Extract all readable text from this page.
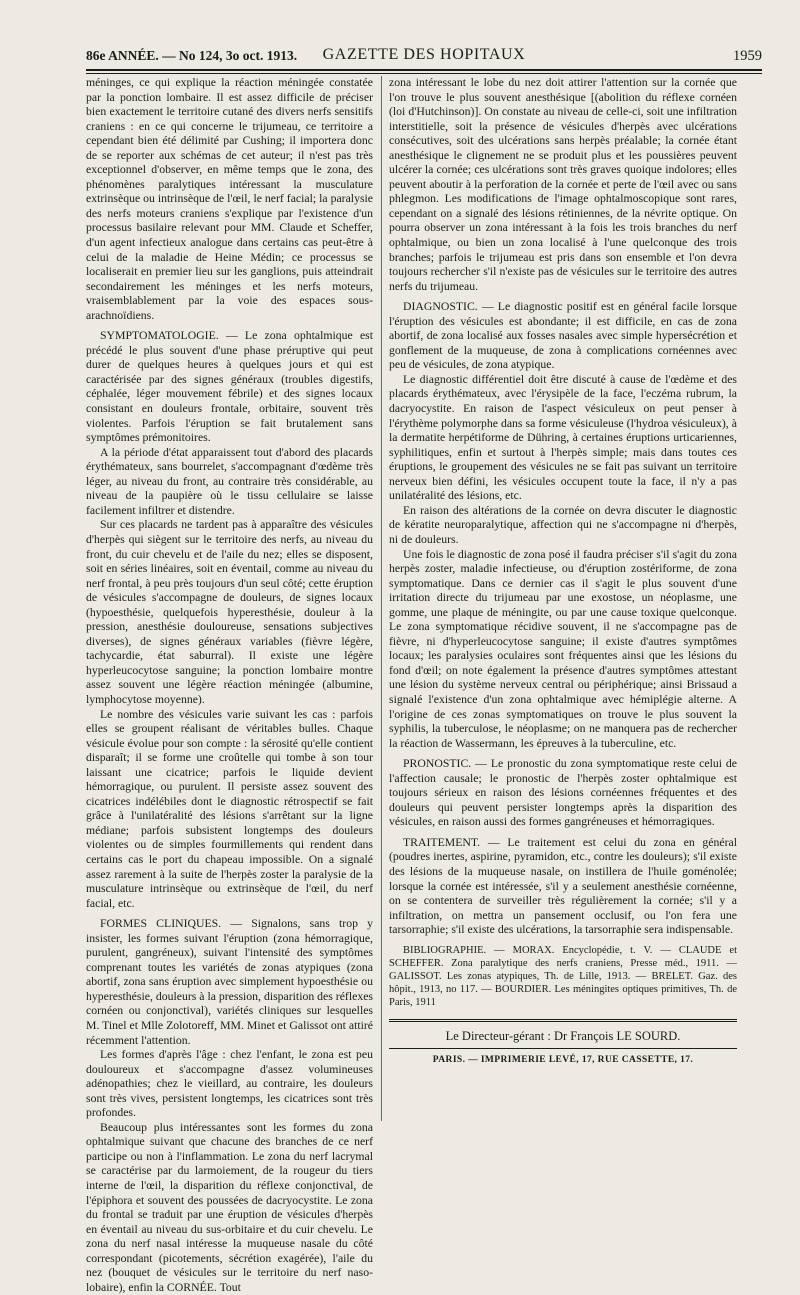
86e ANNÉE. — No 124, 3o oct. 1913.	GAZETTE DES HOPITAUX	1959

méninges, ce qui explique la réaction méningée constatée par la ponction lombaire. Il est assez difficile de préciser bien exactement le territoire cutané des divers nerfs sensitifs craniens : en ce qui concerne le trijumeau, ce territoire a cependant bien été délimité par Cushing; il importera donc de se reporter aux schémas de cet auteur; il n'est pas très exceptionnel d'observer, en même temps que le zona, des phénomènes paralytiques intéressant la musculature extrinsèque ou intrinsèque de l'œil, le nerf facial; la paralysie des nerfs moteurs craniens s'explique par l'existence d'un processus basilaire relevant pour MM. Claude et Scheffer, d'un agent infectieux analogue dans certains cas peut-être à celui de la maladie de Heine Médin; ce processus se localiserait en premier lieu sur les ganglions, puis atteindrait secondairement les méninges et les nerfs moteurs, vraisemblablement par la voie des espaces sous-arachnoïdiens.

SYMPTOMATOLOGIE. — Le zona ophtalmique est précédé le plus souvent d'une phase préruptive qui peut durer de quelques heures à quelques jours et qui est caractérisée par des signes généraux (troubles digestifs, céphalée, léger mouvement fébrile) et des signes locaux consistant en douleurs frontale, orbitaire, souvent très violentes. Parfois l'éruption se fait brutalement sans symptômes prémonitoires.

A la période d'état apparaissent tout d'abord des placards érythémateux, sans bourrelet, s'accompagnant d'œdème très léger, au niveau du front, au contraire très considérable, au niveau de la paupière où le tissu cellulaire se laisse facilement infiltrer et distendre.

Sur ces placards ne tardent pas à apparaître des vésicules d'herpès qui siègent sur le territoire des nerfs, au niveau du front, du cuir chevelu et de l'aile du nez; elles se disposent, soit en séries linéaires, soit en éventail, comme au niveau du nerf frontal, à peu près toujours d'un seul côté; cette éruption de vésicules s'accompagne de douleurs, de signes locaux (hypoesthésie, quelquefois hyperesthésie, douleur à la pression, anesthésie douloureuse, sensations subjectives diverses), de signes généraux variables (fièvre légère, tachycardie, état saburral). Il existe une légère hyperleucocytose sanguine; la ponction lombaire montre assez souvent une légère réaction méningée (albumine, lymphocytose moyenne).

Le nombre des vésicules varie suivant les cas : parfois elles se groupent réalisant de véritables bulles. Chaque vésicule évolue pour son compte : la sérosité qu'elle contient disparaît; il se forme une croûtelle qui tombe à son tour laissant une cicatrice; parfois le liquide devient hémorragique, ou purulent. Il persiste assez souvent des cicatrices indélébiles dont le diagnostic rétrospectif se fait grâce à l'unilatéralité des lésions s'arrêtant sur la ligne médiane; parfois subsistent longtemps des douleurs violentes ou de simples fourmillements qui rendent dans certains cas le port du chapeau impossible. On a signalé assez rarement à la suite de l'herpès zoster la paralysie de la musculature intrinsèque ou extrinsèque de l'œil, du nerf facial, etc.

FORMES CLINIQUES. — Signalons, sans trop y insister, les formes suivant l'éruption (zona hémorragique, purulent, gangréneux), suivant l'intensité des symptômes comprenant toutes les variétés de zonas atypiques (zona abortif, zona sans éruption avec simplement hypoesthésie ou hyperesthésie, douleurs à la pression, disparition des réflexes cornéen ou conjonctival), variétés cliniques sur lesquelles M. Tinel et Mlle Zolotoreff, MM. Minet et Galissot ont attiré récemment l'attention.

Les formes d'après l'âge : chez l'enfant, le zona est peu douloureux et s'accompagne d'assez volumineuses adénopathies; chez le vieillard, au contraire, les douleurs sont très vives, persistent longtemps, les cicatrices sont très profondes.

Beaucoup plus intéressantes sont les formes du zona ophtalmique suivant que chacune des branches de ce nerf participe ou non à l'inflammation. Le zona du nerf lacrymal se caractérise par du larmoiement, de la rougeur du tiers interne de l'œil, la disparition du réflexe conjonctival, de l'épiphora et souvent des poussées de dacryocystite. Le zona du frontal se traduit par une éruption de vésicules d'herpès en éventail au niveau du sus-orbitaire et du cuir chevelu. Le zona du nerf nasal intéresse la muqueuse nasale du côté correspondant (picotements, sécrétion exagérée), l'aile du nez (bouquet de vésicules sur le territoire du nerf naso-lobaire), enfin la CORNÉE. Tout

zona intéressant le lobe du nez doit attirer l'attention sur la cornée que l'on trouve le plus souvent anesthésique [(abolition du réflexe cornéen (loi d'Hutchinson)]. On constate au niveau de celle-ci, soit une infiltration interstitielle, soit la présence de vésicules d'herpès avec ulcérations consécutives, soit des ulcérations sans herpès préalable; la cornée étant anesthésique le clignement ne se produit plus et les poussières peuvent ulcérer la cornée; ces ulcérations sont très graves quoique indolores; elles peuvent aboutir à la perforation de la cornée et perte de l'œil avec ou sans phlegmon. Les modifications de l'image ophtalmoscopique sont rares, cependant on a signalé des lésions rétiniennes, de la névrite optique. On pourra observer un zona intéressant à la fois les trois branches du nerf ophtalmique, ou bien un zona localisé à l'une quelconque des trois branches; parfois le trijumeau est pris dans son ensemble et l'on devra toujours rechercher s'il n'existe pas de vésicules sur le territoire des autres nerfs du trijumeau.

DIAGNOSTIC. — Le diagnostic positif est en général facile lorsque l'éruption des vésicules est abondante; il est difficile, en cas de zona abortif, de zona localisé aux fosses nasales avec simple hypersécrétion et gonflement de la muqueuse, de zona à complications cornéennes avec peu de vésicules, de zona atypique.

Le diagnostic différentiel doit être discuté à cause de l'œdème et des placards érythémateux, avec l'érysipèle de la face, l'eczéma rubrum, la dacryocystite. En raison de l'aspect vésiculeux on peut penser à l'érythème polymorphe dans sa forme vésiculeuse (l'hydroa vésiculeux), à la dermatite herpétiforme de Dühring, à certaines éruptions urticariennes, syphilitiques, enfin et surtout à l'herpès simple; mais dans toutes ces éruptions, le groupement des vésicules ne se fait pas suivant un territoire nerveux bien défini, les vésicules occupent toute la face, il n'y a pas unilatéralité des lésions, etc.

En raison des altérations de la cornée on devra discuter le diagnostic de kératite neuroparalytique, affection qui ne s'accompagne ni d'herpès, ni de douleurs.

Une fois le diagnostic de zona posé il faudra préciser s'il s'agit du zona herpès zoster, maladie infectieuse, ou d'éruption zostériforme, de zona symptomatique. Dans ce dernier cas il s'agit le plus souvent d'une irritation directe du trijumeau par une exostose, un néoplasme, une gomme, une plaque de méningite, ou par une cause toxique quelconque. Le zona symptomatique récidive souvent, il ne s'accompagne pas de fièvre, ni d'hyperleucocytose sanguine; il existe d'autres symptômes locaux; les paralysies oculaires sont fréquentes ainsi que les lésions du fond d'œil; on note également la présence d'autres symptômes attestant une lésion du système nerveux central ou périphérique; ainsi Brissaud a signalé l'existence d'un zona ophtalmique avec hémiplégie alterne. A l'origine de ces zonas symptomatiques on trouve le plus souvent la syphilis, la tuberculose, le néoplasme; on ne manquera pas de rechercher la réaction de Wassermann, les épreuves à la tuberculine, etc.

PRONOSTIC. — Le pronostic du zona symptomatique reste celui de l'affection causale; le pronostic de l'herpès zoster ophtalmique est toujours sérieux en raison des lésions cornéennes fréquentes et des douleurs qui peuvent persister longtemps après la disparition des vésicules, en raison aussi des formes gangréneuses et hémorragiques.

TRAITEMENT. — Le traitement est celui du zona en général (poudres inertes, aspirine, pyramidon, etc., contre les douleurs); s'il existe des lésions de la muqueuse nasale, on instillera de l'huile goménolée; lorsque la cornée est intéressée, s'il y a seulement anesthésie cornéenne, on se contentera de surveiller très régulièrement la cornée; s'il y a infiltration, on mettra un pansement occlusif, ou l'on fera une tarsorraphie; s'il existe des ulcérations, la tarsorraphie sera indispensable.

BIBLIOGRAPHIE. — MORAX. Encyclopédie, t. V. — CLAUDE et SCHEFFER. Zona paralytique des nerfs craniens, Presse méd., 1911. — GALISSOT. Les zonas atypiques, Th. de Lille, 1913. — BRELET. Gaz. des hôpit., 1913, no 117. — BOURDIER. Les méningites optiques primitives, Th. de Paris, 1911

Le Directeur-gérant : Dr François LE SOURD.
PARIS. — IMPRIMERIE LEVÉ, 17, RUE CASSETTE, 17.
